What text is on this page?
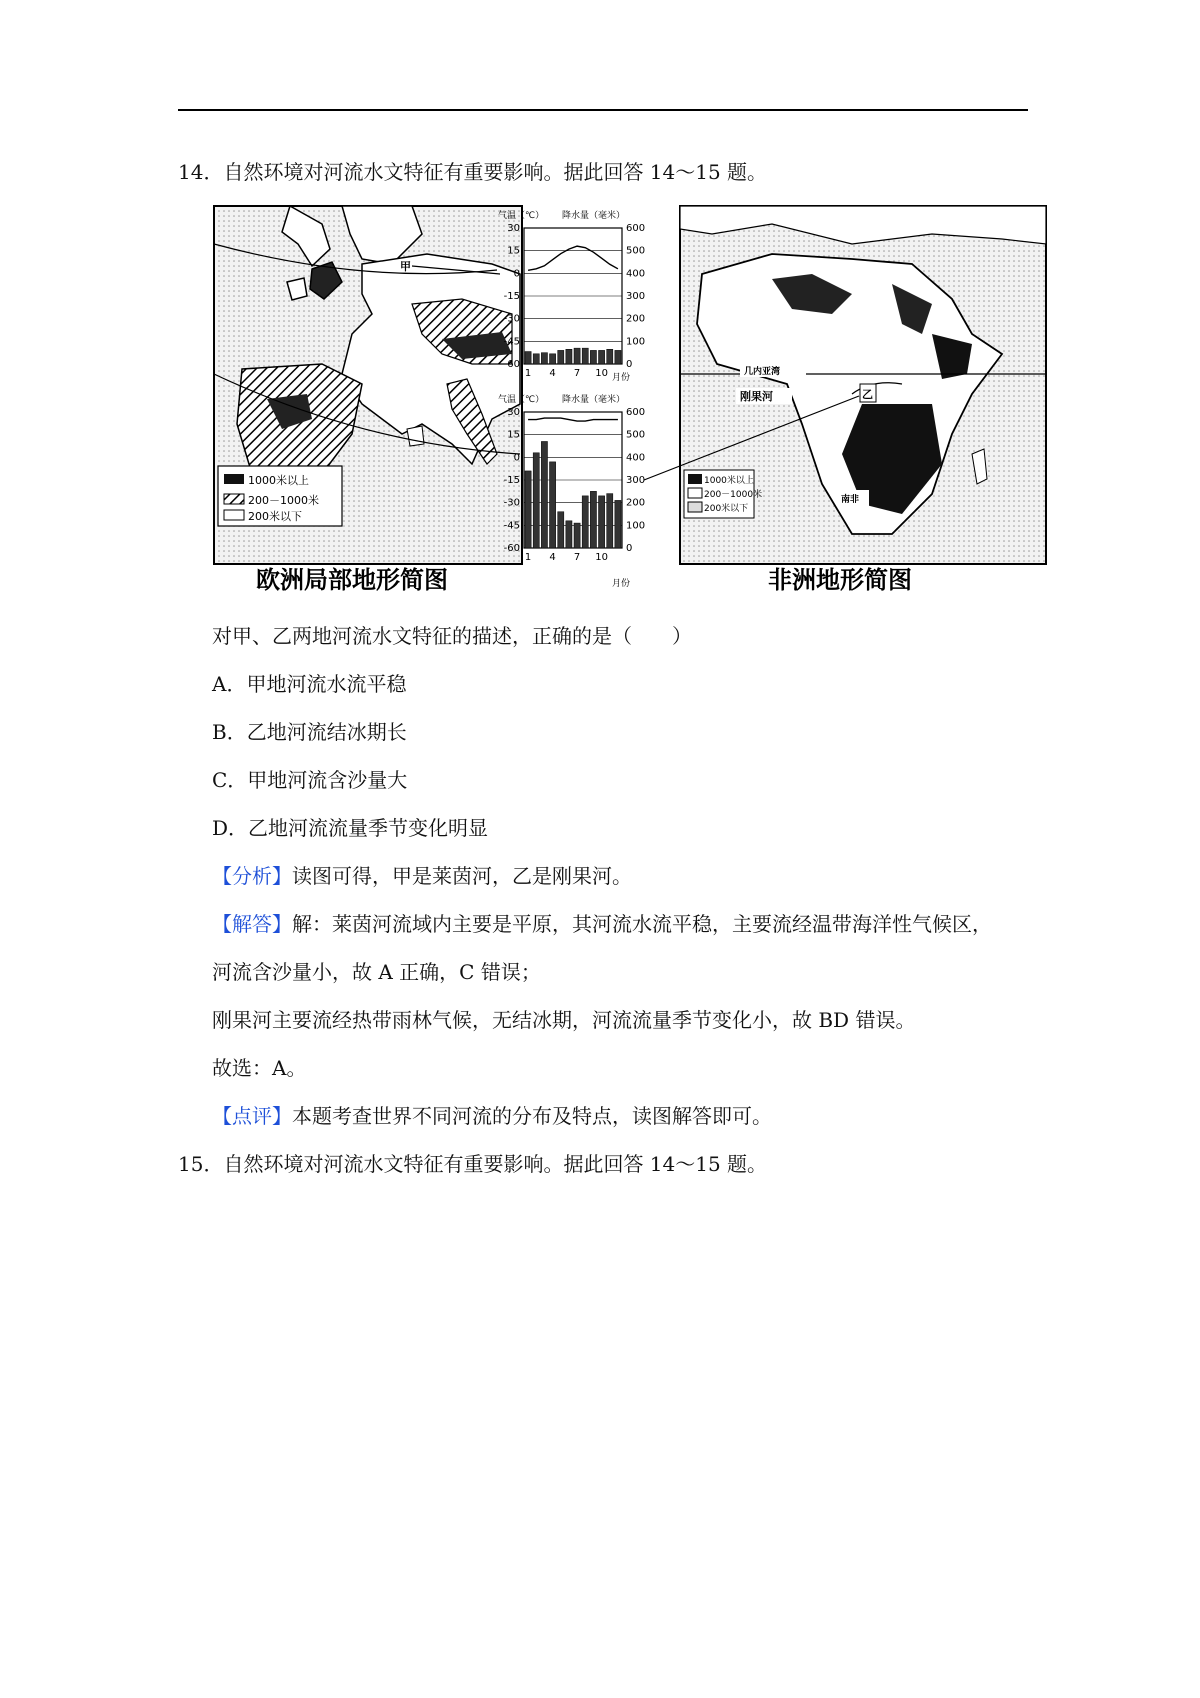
14．自然环境对河流水文特征有重要影响。据此回答 14～15 题。
甲
1000米以上
200－1000米
200米以下
欧洲局部地形简图
气温（℃） 降水量（毫米）
30	600
15	500
0	400
-15	300
-30	200
-45	100
-60	0
1 4 7 10 月份
气温（℃） 降水量（毫米）
30	600
15	500
0	400
-15	300
-30	200
-45	100
-60	0
1 4 7 10
月份
几内亚湾
刚果河	乙
南非
1000米以上
200－1000米
200米以下
非洲地形简图
对甲、乙两地河流水文特征的描述，正确的是（　　）
A．甲地河流水流平稳
B．乙地河流结冰期长
C．甲地河流含沙量大
D．乙地河流流量季节变化明显
【分析】读图可得，甲是莱茵河，乙是刚果河。
【解答】解：莱茵河流域内主要是平原，其河流水流平稳，主要流经温带海洋性气候区，
河流含沙量小，故 A 正确，C 错误；
刚果河主要流经热带雨林气候，无结冰期，河流流量季节变化小，故 BD 错误。
故选：A。
【点评】本题考查世界不同河流的分布及特点，读图解答即可。
15．自然环境对河流水文特征有重要影响。据此回答 14～15 题。
